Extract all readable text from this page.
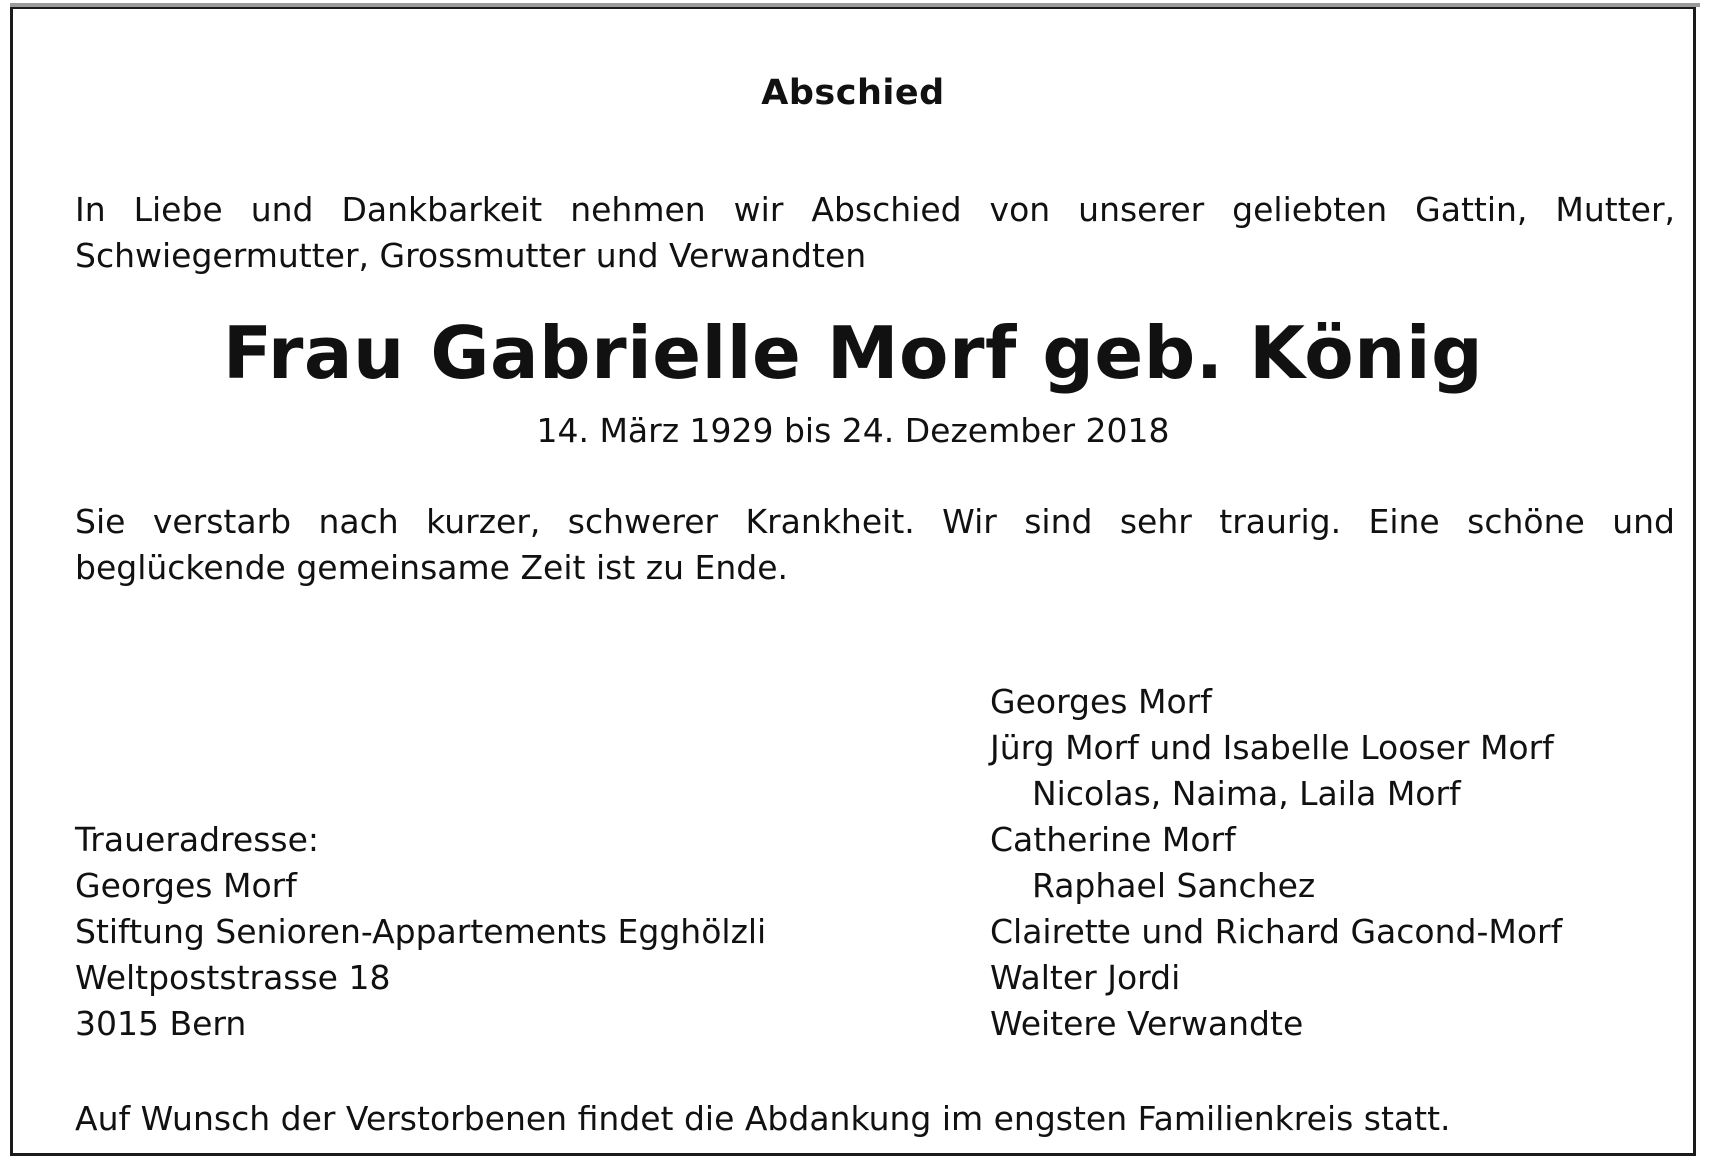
Abschied
In Liebe und Dankbarkeit nehmen wir Abschied von unserer geliebten Gattin, Mutter,
Schwiegermutter, Grossmutter und Verwandten
Frau Gabrielle Morf geb. König
14. März 1929 bis 24. Dezember 2018
Sie verstarb nach kurzer, schwerer Krankheit. Wir sind sehr traurig. Eine schöne und
beglückende gemeinsame Zeit ist zu Ende.
Georges Morf
Jürg Morf und Isabelle Looser Morf
Nicolas, Naima, Laila Morf
Catherine Morf
Raphael Sanchez
Clairette und Richard Gacond-Morf
Walter Jordi
Weitere Verwandte
Traueradresse:
Georges Morf
Stiftung Senioren-Appartements Egghölzli
Weltpoststrasse 18
3015 Bern
Auf Wunsch der Verstorbenen findet die Abdankung im engsten Familienkreis statt.
